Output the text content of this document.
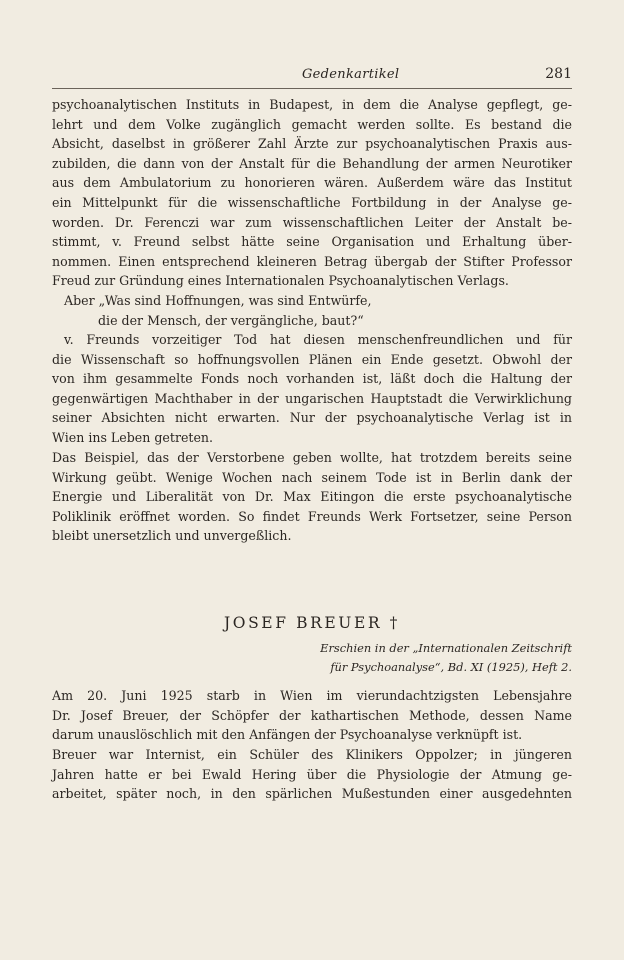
Gedenkartikel	281
psychoanalytischen Instituts in Budapest, in dem die Analyse gepflegt, ge-
lehrt und dem Volke zugänglich gemacht werden sollte. Es bestand die
Absicht, daselbst in größerer Zahl Ärzte zur psychoanalytischen Praxis aus-
zubilden, die dann von der Anstalt für die Behandlung der armen Neurotiker
aus dem Ambulatorium zu honorieren wären. Außerdem wäre das Institut
ein Mittelpunkt für die wissenschaftliche Fortbildung in der Analyse ge-
worden. Dr. Ferenczi war zum wissenschaftlichen Leiter der Anstalt be-
stimmt, v. Freund selbst hätte seine Organisation und Erhaltung über-
nommen. Einen entsprechend kleineren Betrag übergab der Stifter Professor
Freud zur Gründung eines Internationalen Psychoanalytischen Verlags.
Aber „Was sind Hoffnungen, was sind Entwürfe,
die der Mensch, der vergängliche, baut?“
v. Freunds vorzeitiger Tod hat diesen menschenfreundlichen und für
die Wissenschaft so hoffnungsvollen Plänen ein Ende gesetzt. Obwohl der
von ihm gesammelte Fonds noch vorhanden ist, läßt doch die Haltung der
gegenwärtigen Machthaber in der ungarischen Hauptstadt die Verwirklichung
seiner Absichten nicht erwarten. Nur der psychoanalytische Verlag ist in
Wien ins Leben getreten.
Das Beispiel, das der Verstorbene geben wollte, hat trotzdem bereits seine
Wirkung geübt. Wenige Wochen nach seinem Tode ist in Berlin dank der
Energie und Liberalität von Dr. Max Eitingon die erste psychoanalytische
Poliklinik eröffnet worden. So findet Freunds Werk Fortsetzer, seine Person
bleibt unersetzlich und unvergeßlich.
JOSEF BREUER †
Erschien in der „Internationalen Zeitschrift
für Psychoanalyse“, Bd. XI (1925), Heft 2.
Am 20. Juni 1925 starb in Wien im vierundachtzigsten Lebensjahre
Dr. Josef Breuer, der Schöpfer der kathartischen Methode, dessen Name
darum unauslöschlich mit den Anfängen der Psychoanalyse verknüpft ist.
Breuer war Internist, ein Schüler des Klinikers Oppolzer; in jüngeren
Jahren hatte er bei Ewald Hering über die Physiologie der Atmung ge-
arbeitet, später noch, in den spärlichen Mußestunden einer ausgedehnten
